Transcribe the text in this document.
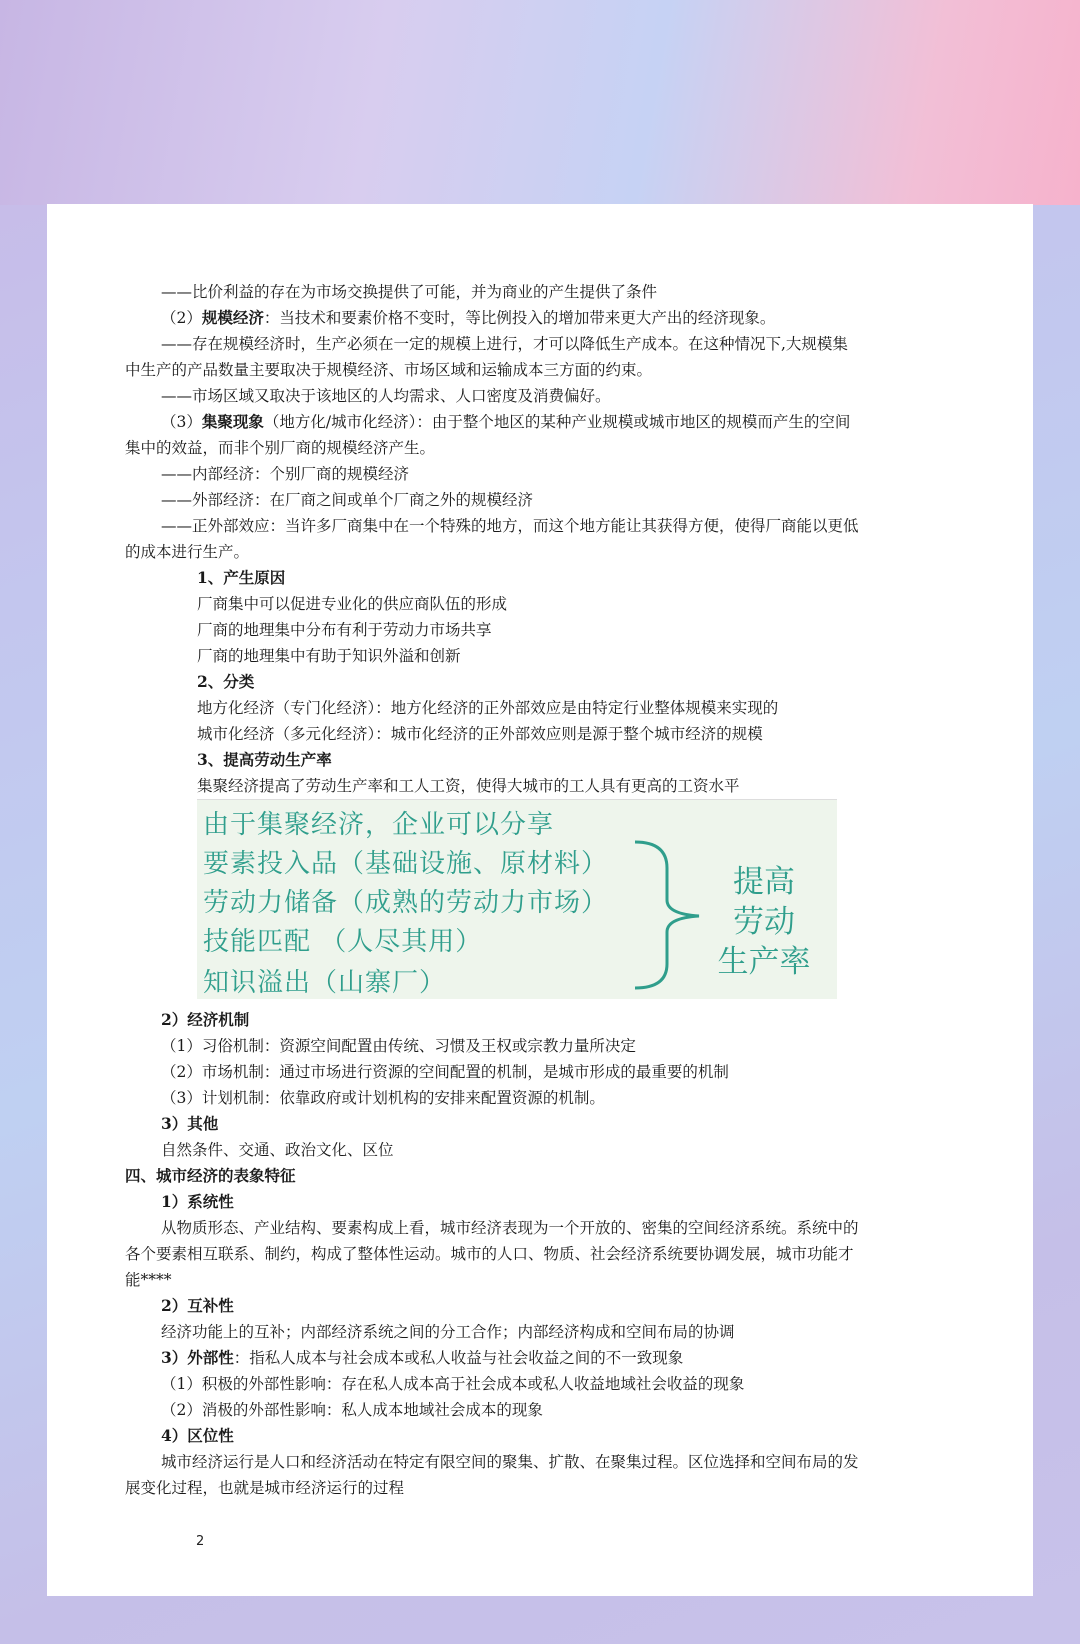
——比价利益的存在为市场交换提供了可能，并为商业的产生提供了条件
（2）规模经济：当技术和要素价格不变时，等比例投入的增加带来更大产出的经济现象。
——存在规模经济时，生产必须在一定的规模上进行，才可以降低生产成本。在这种情况下,大规模集
中生产的产品数量主要取决于规模经济、市场区域和运输成本三方面的约束。
——市场区域又取决于该地区的人均需求、人口密度及消费偏好。
（3）集聚现象（地方化/城市化经济）：由于整个地区的某种产业规模或城市地区的规模而产生的空间
集中的效益，而非个别厂商的规模经济产生。
——内部经济：个别厂商的规模经济
——外部经济：在厂商之间或单个厂商之外的规模经济
——正外部效应：当许多厂商集中在一个特殊的地方，而这个地方能让其获得方便，使得厂商能以更低
的成本进行生产。
1、产生原因
厂商集中可以促进专业化的供应商队伍的形成
厂商的地理集中分布有利于劳动力市场共享
厂商的地理集中有助于知识外溢和创新
2、分类
地方化经济（专门化经济）：地方化经济的正外部效应是由特定行业整体规模来实现的
城市化经济（多元化经济）：城市化经济的正外部效应则是源于整个城市经济的规模
3、提高劳动生产率
集聚经济提高了劳动生产率和工人工资，使得大城市的工人具有更高的工资水平
2）经济机制
（1）习俗机制：资源空间配置由传统、习惯及王权或宗教力量所决定
（2）市场机制：通过市场进行资源的空间配置的机制，是城市形成的最重要的机制
（3）计划机制：依靠政府或计划机构的安排来配置资源的机制。
3）其他
自然条件、交通、政治文化、区位
四、城市经济的表象特征
1）系统性
从物质形态、产业结构、要素构成上看，城市经济表现为一个开放的、密集的空间经济系统。系统中的
各个要素相互联系、制约，构成了整体性运动。城市的人口、物质、社会经济系统要协调发展，城市功能才
能****
2）互补性
经济功能上的互补；内部经济系统之间的分工合作；内部经济构成和空间布局的协调
3）外部性：指私人成本与社会成本或私人收益与社会收益之间的不一致现象
（1）积极的外部性影响：存在私人成本高于社会成本或私人收益地域社会收益的现象
（2）消极的外部性影响：私人成本地域社会成本的现象
4）区位性
城市经济运行是人口和经济活动在特定有限空间的聚集、扩散、在聚集过程。区位选择和空间布局的发
展变化过程，也就是城市经济运行的过程
由于集聚经济，企业可以分享
要素投入品（基础设施、原材料）
劳动力储备（成熟的劳动力市场）
技能匹配 （人尽其用）
知识溢出（山寨厂）
提高
劳动
生产率
2
